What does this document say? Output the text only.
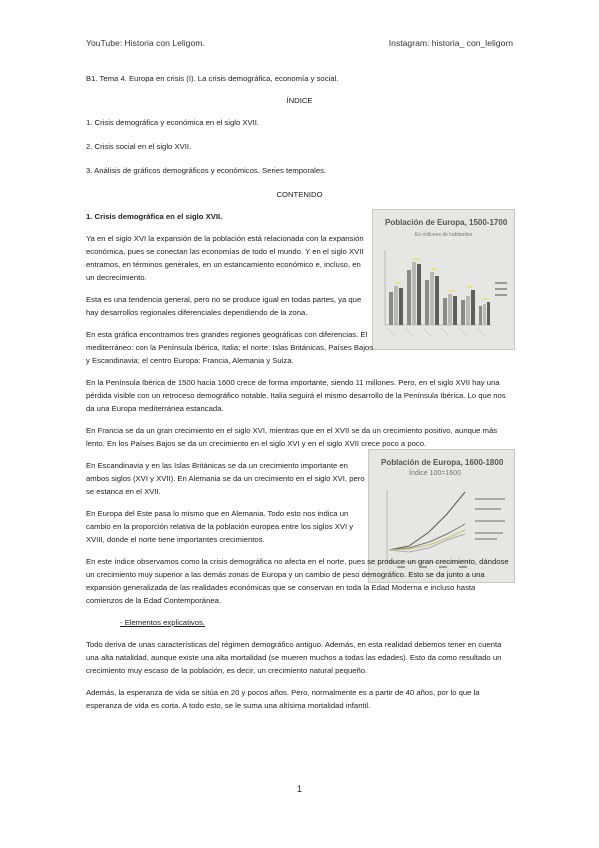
YouTube: Historia con Leligom.	Instagram: historia_ con_leligorn
Población de Europa, 1500-1700
En millones de habitantes
Población de Europa, 1600-1800
Índice 100=1600

B1. Tema 4. Europa en crisis (I). La crisis demográfica, economía y social.

ÍNDICE

1. Crisis demográfica y económica en el siglo XVII.

2. Crisis social en el siglo XVII.

3. Análisis de gráficos demográficos y económicos. Series temporales.

CONTENIDO

1. Crisis demográfica en el siglo XVII.

Ya en el siglo XVI la expansión de la población está relacionada con la expansión económica, pues se conectan las economías de todo el mundo. Y en el siglo XVII entramos, en términos generales, en un estancamiento económico e, incluso, en un decrecimiento.

Esta es una tendencia general, pero no se produce igual en todas partes, ya que hay desarrollos regionales diferenciales dependiendo de la zona.

En esta gráfica encontramos tres grandes regiones geográficas con diferencias. El mediterráneo: con la Península Ibérica, Italia; el norte: Islas Británicas, Países Bajos y Escandinavia; el centro Europa: Francia, Alemania y Suiza.

En la Península Ibérica de 1500 hacia 1600 crece de forma importante, siendo 11 millones. Pero, en el siglo XVII hay una pérdida visible con un retroceso demográfico notable. Italia seguirá el mismo desarrollo de la Península Ibérica. Lo que nos da una Europa mediterránea estancada.

En Francia se da un gran crecimiento en el siglo XVI, mientras que en el XVII se da un crecimiento positivo, aunque más lento. En los Países Bajos se da un crecimiento en el siglo XVI y en el siglo XVII crece poco a poco.

En Escandinavia y en las Islas Británicas se da un crecimiento importante en ambos siglos (XVI y XVII). En Alemania se da un crecimiento en el siglo XVI, pero se estanca en el XVII.

En Europa del Este pasa lo mismo que en Alemania. Todo esto nos indica un cambio en la proporción relativa de la población europea entre los siglos XVI y XVIII, donde el norte tiene importantes crecimientos.

En este índice observamos como la crisis demográfica no afecta en el norte, pues se produce un gran crecimiento, dándose un crecimiento muy superior a las demás zonas de Europa y un cambio de peso demográfico. Esto se da junto a una expansión generalizada de las realidades económicas que se conservan en toda la Edad Moderna e incluso hasta comienzos de la Edad Contemporánea.

- Elementos explicativos.

Todo deriva de unas características del régimen demográfico antiguo. Además, en esta realidad debemos tener en cuenta una alta natalidad, aunque existe una alta mortalidad (se mueren muchos a todas las edades). Esto da como resultado un crecimiento muy escaso de la población, es decir, un crecimiento natural pequeño.

Además, la esperanza de vida se sitúa en 20 y pocos años. Pero, normalmente es a partir de 40 años, por lo que la esperanza de vida es corta. A todo esto, se le suma una altísima mortalidad infantil.

1
